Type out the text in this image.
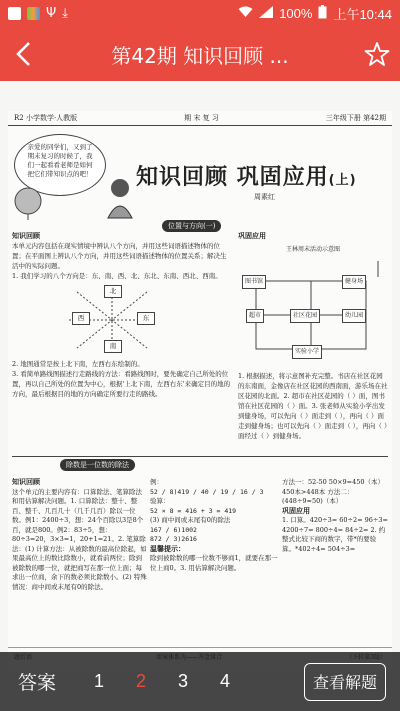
Ψ ⤓	100% 上午10:44
第42期 知识回顾 ...
R2 小学数学·人教版	期 末 复 习	三年级下册 第42期
亲爱的同学们，又到了期末复习的时候了，我们一起看看老师是如何把它们带知识点的吧！	知识回顾 巩固应用(上)
周素红
位置与方向(一)
知识回顾

本单元内容包括在现实情境中辨认八个方向，并用这些词语描述物体的位置；在平面图上辨认八个方向，并用这些词语描述物体的位置关系；解决生活中的实际问题。

1. 我们学习的八个方向是：东、南、西、北、东北、东南、西北、西南。

北
西	东
南

2. 地图通常是按上北下南，左西右东绘制的。

3. 看简单路线图描述行走路线的方法：看路线图时，要先确定自己所处的位置，再以自己所处的位置为中心，根据'上北下南，左西右东'来确定目的地的方向，最后根据目的地的方向确定所要行走的路线。

巩固应用
王林周末活动示意图
图书馆	健身场
超市	社区花园	幼儿园
实验小学

1. 根据描述，将示意图补充完整。书店在社区花园的东南面，金像店在社区花园的西南面，游乐场在社区花园的北面。2. 超市在社区花园的（ ）面，图书馆在社区花园的（ ）面。3. 张老师从实验小学出发到健身场，可以先向（ ）面走到（ ），再向（ ）面走到健身场；也可以先向（ ）面走到（ ），再向（ ）面经过（ ）到健身场。

除数是一位数的除法
知识回顾

这个单元的主要内容有：口算除法、笔算除法和用估算解决问题。1. 口算除法：整十、整百、整千、几百几十（几千几百）除以一位数。例1：2400÷3，想：24个百除以3是8个百，就是800。例2：83÷5，想：80÷3=20，3×3=1，20+1=21。2. 笔算除法：(1) 计算方法：从被除数的最高位除起，如果最高位上的数比除数小，就看前两位；除到被除数的哪一位，就把商写在那一位上面；每求出一位商，余下的数必须比除数小。(2) 特殊情况：商中间或末尾有0的除法。

例：
52 / 8)419 / 40 / 19 / 16 / 3
验算：
52 × 8 = 416 + 3 = 419
(3) 商中间或末尾有0的除法
167 / 6)1002
872 / 3)2616
温馨提示：
除到被除数的哪一位数不够商1，就要在那一位上商0。3. 用估算解决问题。

方法一：52-50 50×9=450（本）450本>448本 方法二：(448÷9≈50)（本）

巩固应用

1. 口算。420÷3= 60÷2= 96÷3= 4200÷7= 800÷4= 84÷2= 2. 约整式比较下商的数字，带*的要验算。*402÷4= 504÷3=

答案	1	2	3	4	查看解题
